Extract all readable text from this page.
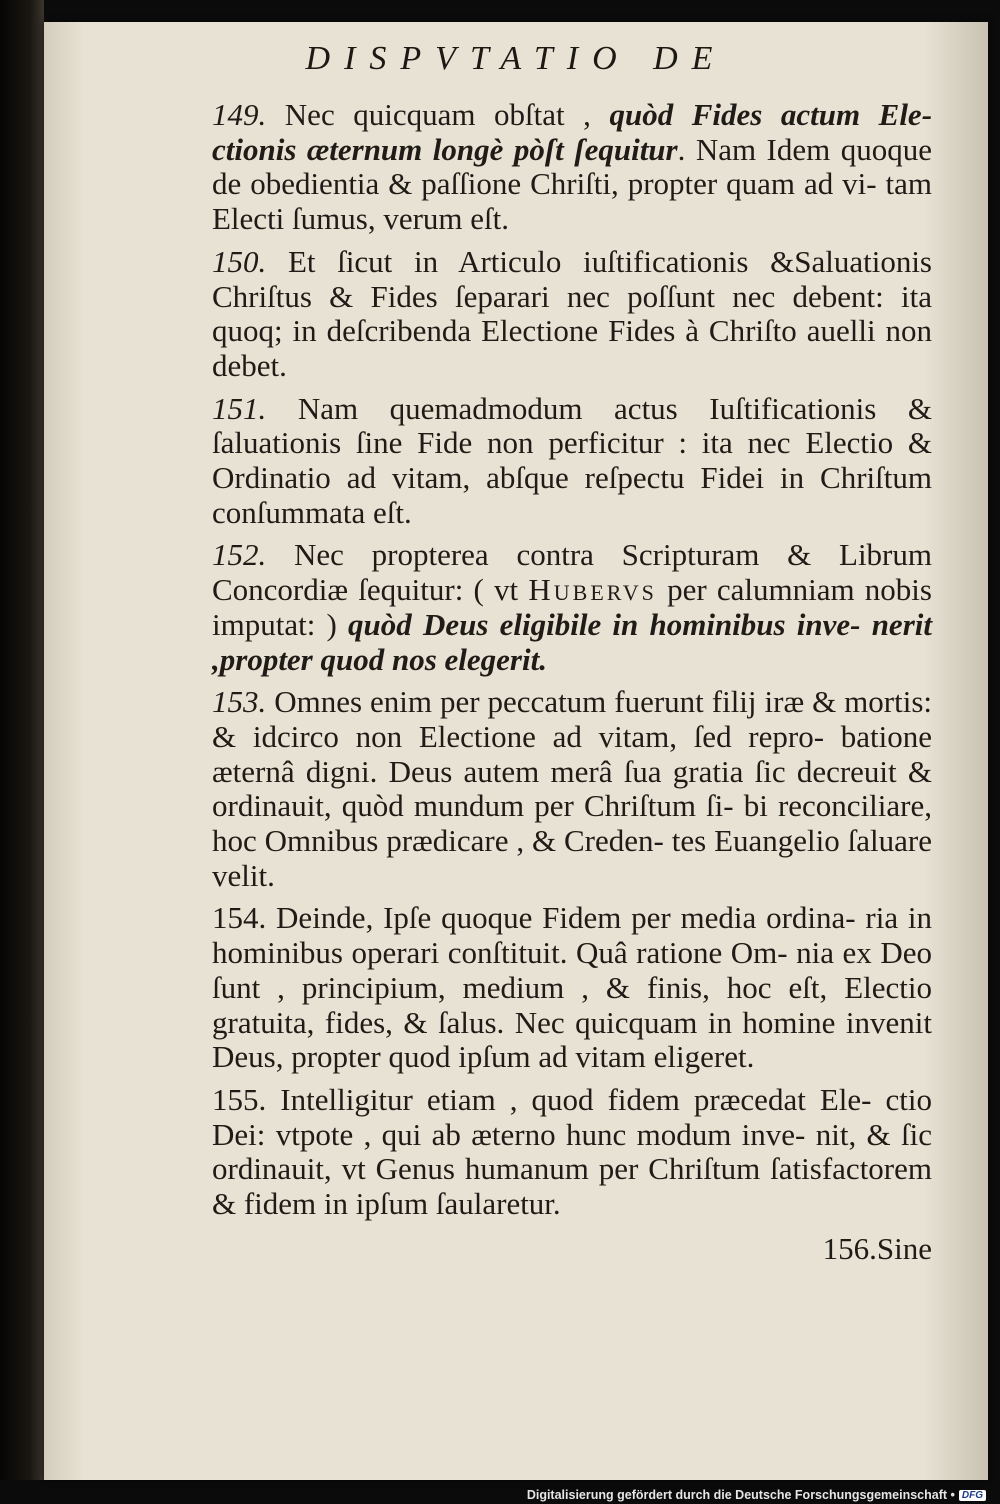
DISPVTATIO DE

149. Nec quicquam obſtat , quòd Fides actum Ele- ctionis æternum longè pòſt ſequitur. Nam Idem quoque de obedientia & paſſione Chriſti, propter quam ad vi- tam Electi ſumus, verum eſt.

150. Et ſicut in Articulo iuſtificationis &Saluationis Chriſtus & Fides ſeparari nec poſſunt nec debent: ita quoq; in deſcribenda Electione Fides à Chriſto auelli non debet.

151. Nam quemadmodum actus Iuſtificationis & ſaluationis ſine Fide non perficitur : ita nec Electio & Ordinatio ad vitam, abſque reſpectu Fidei in Chriſtum conſummata eſt.

152. Nec propterea contra Scripturam & Librum Concordiæ ſequitur: ( vt Hubervs per calumniam nobis imputat: ) quòd Deus eligibile in hominibus inve- nerit ,propter quod nos elegerit.

153. Omnes enim per peccatum fuerunt filij iræ & mortis: & idcirco non Electione ad vitam, ſed repro- batione æternâ digni. Deus autem merâ ſua gratia ſic decreuit & ordinauit, quòd mundum per Chriſtum ſi- bi reconciliare, hoc Omnibus prædicare , & Creden- tes Euangelio ſaluare velit.

154. Deinde, Ipſe quoque Fidem per media ordina- ria in hominibus operari conſtituit. Quâ ratione Om- nia ex Deo ſunt , principium, medium , & finis, hoc eſt, Electio gratuita, fides, & ſalus. Nec quicquam in homine invenit Deus, propter quod ipſum ad vitam eligeret.

155. Intelligitur etiam , quod fidem præcedat Ele- ctio Dei: vtpote , qui ab æterno hunc modum inve- nit, & ſic ordinauit, vt Genus humanum per Chriſtum ſatisfactorem & fidem in ipſum ſaularetur.

156.Sine
Digitalisierung gefördert durch die Deutsche Forschungsgemeinschaft • DFG
